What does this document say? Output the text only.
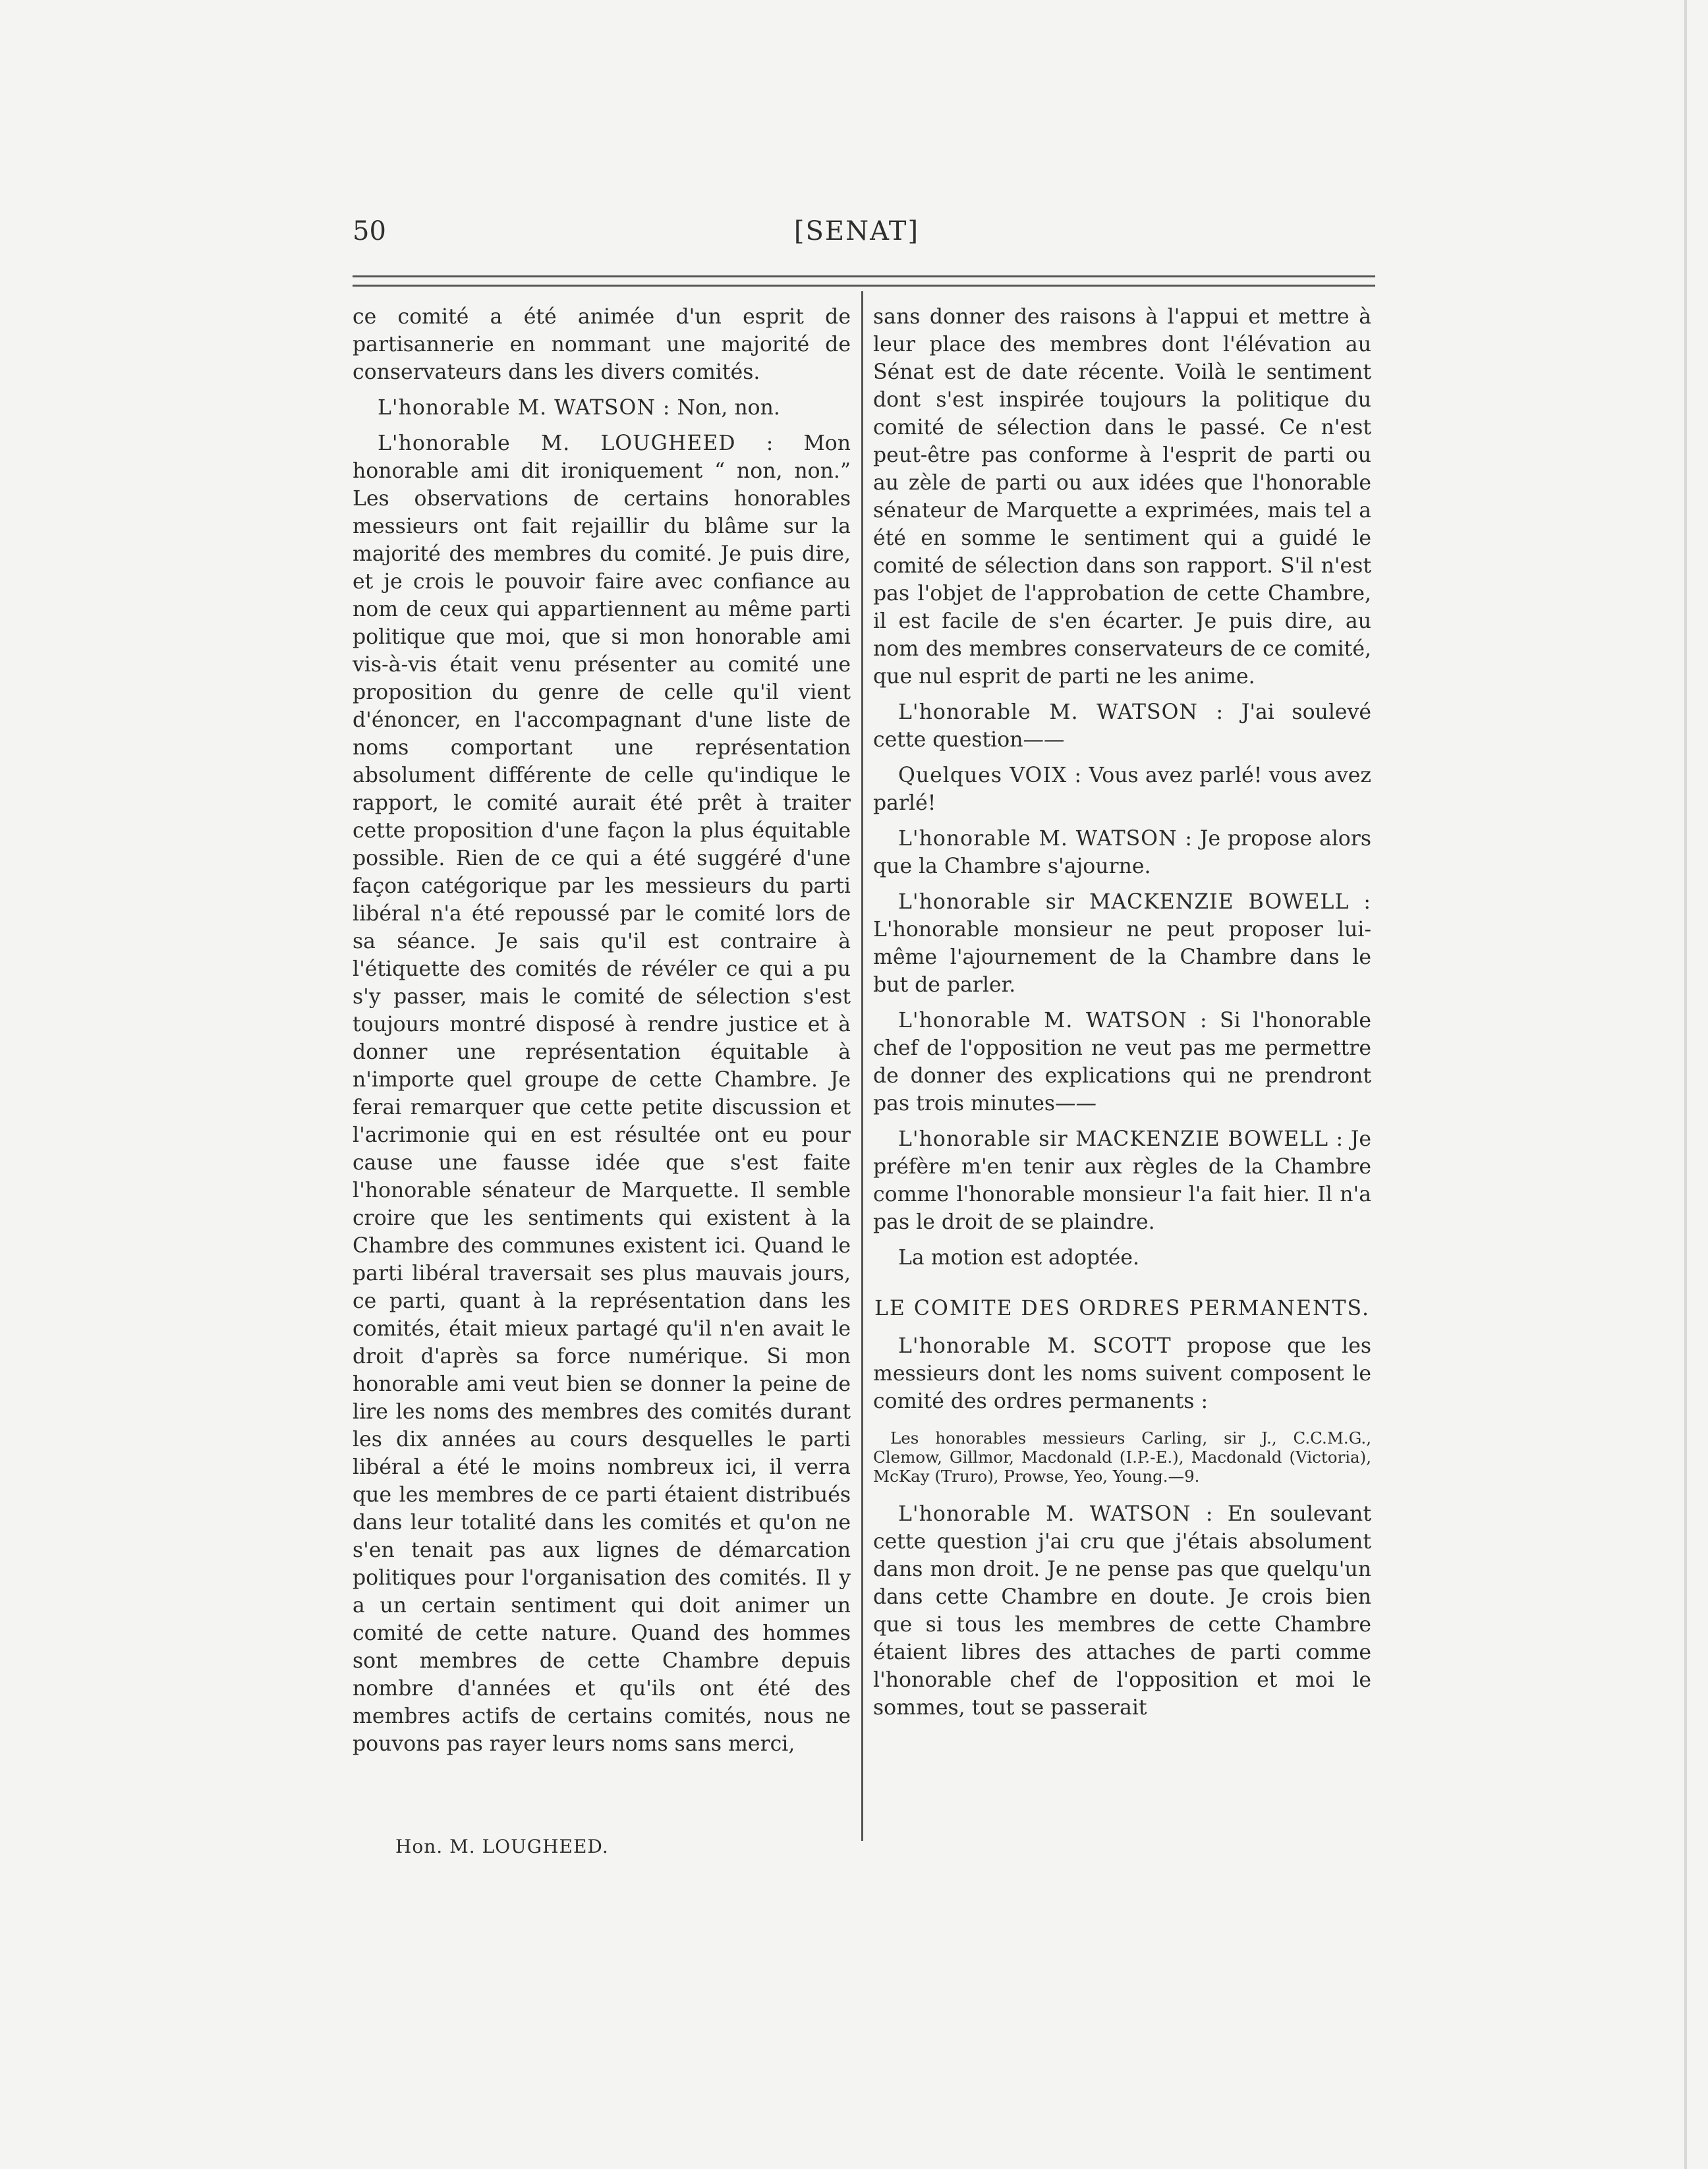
50	[SENAT]

ce comité a été animée d'un esprit de partisannerie en nommant une majorité de conservateurs dans les divers comités.

L'honorable M. WATSON : Non, non.

L'honorable M. LOUGHEED : Mon honorable ami dit ironiquement “ non, non.” Les observations de certains honorables messieurs ont fait rejaillir du blâme sur la majorité des membres du comité. Je puis dire, et je crois le pouvoir faire avec confiance au nom de ceux qui appartiennent au même parti politique que moi, que si mon honorable ami vis-à-vis était venu présenter au comité une proposition du genre de celle qu'il vient d'énoncer, en l'accompagnant d'une liste de noms comportant une représentation absolument différente de celle qu'indique le rapport, le comité aurait été prêt à traiter cette proposition d'une façon la plus équitable possible. Rien de ce qui a été suggéré d'une façon catégorique par les messieurs du parti libéral n'a été repoussé par le comité lors de sa séance. Je sais qu'il est contraire à l'étiquette des comités de révéler ce qui a pu s'y passer, mais le comité de sélection s'est toujours montré disposé à rendre justice et à donner une représentation équitable à n'importe quel groupe de cette Chambre. Je ferai remarquer que cette petite discussion et l'acrimonie qui en est résultée ont eu pour cause une fausse idée que s'est faite l'honorable sénateur de Marquette. Il semble croire que les sentiments qui existent à la Chambre des communes existent ici. Quand le parti libéral traversait ses plus mauvais jours, ce parti, quant à la représentation dans les comités, était mieux partagé qu'il n'en avait le droit d'après sa force numérique. Si mon honorable ami veut bien se donner la peine de lire les noms des membres des comités durant les dix années au cours desquelles le parti libéral a été le moins nombreux ici, il verra que les membres de ce parti étaient distribués dans leur totalité dans les comités et qu'on ne s'en tenait pas aux lignes de démarcation politiques pour l'organisation des comités. Il y a un certain sentiment qui doit animer un comité de cette nature. Quand des hommes sont membres de cette Chambre depuis nombre d'années et qu'ils ont été des membres actifs de certains comités, nous ne pouvons pas rayer leurs noms sans merci,

sans donner des raisons à l'appui et mettre à leur place des membres dont l'élévation au Sénat est de date récente. Voilà le sentiment dont s'est inspirée toujours la politique du comité de sélection dans le passé. Ce n'est peut-être pas conforme à l'esprit de parti ou au zèle de parti ou aux idées que l'honorable sénateur de Marquette a exprimées, mais tel a été en somme le sentiment qui a guidé le comité de sélection dans son rapport. S'il n'est pas l'objet de l'approbation de cette Chambre, il est facile de s'en écarter. Je puis dire, au nom des membres conservateurs de ce comité, que nul esprit de parti ne les anime.

L'honorable M. WATSON : J'ai soulevé cette question——

Quelques VOIX : Vous avez parlé! vous avez parlé!

L'honorable M. WATSON : Je propose alors que la Chambre s'ajourne.

L'honorable sir MACKENZIE BOWELL : L'honorable monsieur ne peut proposer lui-même l'ajournement de la Chambre dans le but de parler.

L'honorable M. WATSON : Si l'honorable chef de l'opposition ne veut pas me permettre de donner des explications qui ne prendront pas trois minutes——

L'honorable sir MACKENZIE BOWELL : Je préfère m'en tenir aux règles de la Chambre comme l'honorable monsieur l'a fait hier. Il n'a pas le droit de se plaindre.

La motion est adoptée.

LE COMITE DES ORDRES PERMANENTS.

L'honorable M. SCOTT propose que les messieurs dont les noms suivent composent le comité des ordres permanents :

Les honorables messieurs Carling, sir J., C.C.M.G., Clemow, Gillmor, Macdonald (I.P.-E.), Macdonald (Victoria), McKay (Truro), Prowse, Yeo, Young.—9.

L'honorable M. WATSON : En soulevant cette question j'ai cru que j'étais absolument dans mon droit. Je ne pense pas que quelqu'un dans cette Chambre en doute. Je crois bien que si tous les membres de cette Chambre étaient libres des attaches de parti comme l'honorable chef de l'opposition et moi le sommes, tout se passerait

Hon. M. LOUGHEED.
